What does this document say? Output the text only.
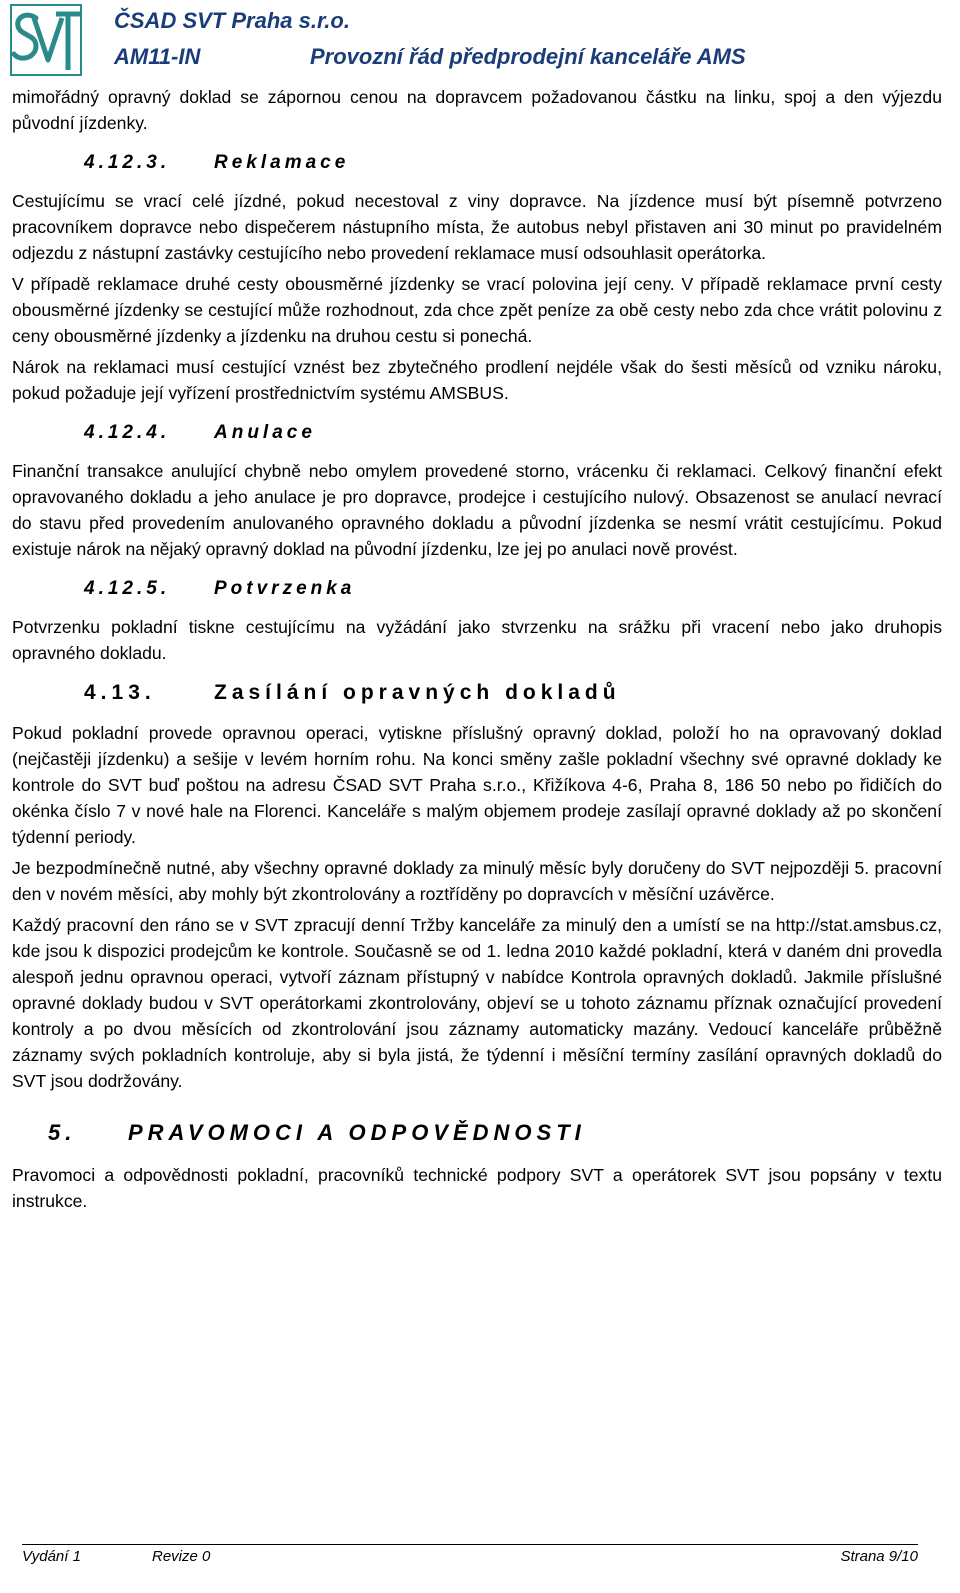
ČSAD SVT Praha s.r.o.
AM11-IN	Provozní řád předprodejní kanceláře AMS

mimořádný opravný doklad se zápornou cenou na dopravcem požadovanou částku na linku, spoj a den výjezdu původní jízdenky.

4.12.3. Reklamace

Cestujícímu se vrací celé jízdné, pokud necestoval z viny dopravce. Na jízdence musí být písemně potvrzeno pracovníkem dopravce nebo dispečerem nástupního místa, že autobus nebyl přistaven ani 30 minut po pravidelném odjezdu z nástupní zastávky cestujícího nebo provedení reklamace musí odsouhlasit operátorka.

V případě reklamace druhé cesty obousměrné jízdenky se vrací polovina její ceny. V případě reklamace první cesty obousměrné jízdenky se cestující může rozhodnout, zda chce zpět peníze za obě cesty nebo zda chce vrátit polovinu z ceny obousměrné jízdenky a jízdenku na druhou cestu si ponechá.

Nárok na reklamaci musí cestující vznést bez zbytečného prodlení nejdéle však do šesti měsíců od vzniku nároku, pokud požaduje její vyřízení prostřednictvím systému AMSBUS.

4.12.4. Anulace

Finanční transakce anulující chybně nebo omylem provedené storno, vrácenku či reklamaci. Celkový finanční efekt opravovaného dokladu a jeho anulace je pro dopravce, prodejce i cestujícího nulový. Obsazenost se anulací nevrací do stavu před provedením anulovaného opravného dokladu a původní jízdenka se nesmí vrátit cestujícímu. Pokud existuje nárok na nějaký opravný doklad na původní jízdenku, lze jej po anulaci nově provést.

4.12.5. Potvrzenka

Potvrzenku pokladní tiskne cestujícímu na vyžádání jako stvrzenku na srážku při vracení nebo jako druhopis opravného dokladu.

4.13.	Zasílání opravných dokladů

Pokud pokladní provede opravnou operaci, vytiskne příslušný opravný doklad, položí ho na opravovaný doklad (nejčastěji jízdenku) a sešije v levém horním rohu. Na konci směny zašle pokladní všechny své opravné doklady ke kontrole do SVT buď poštou na adresu ČSAD SVT Praha s.r.o., Křižíkova 4-6, Praha 8, 186 50 nebo po řidičích do okénka číslo 7 v nové hale na Florenci. Kanceláře s malým objemem prodeje zasílají opravné doklady až po skončení týdenní periody.

Je bezpodmínečně nutné, aby všechny opravné doklady za minulý měsíc byly doručeny do SVT nejpozději 5. pracovní den v novém měsíci, aby mohly být zkontrolovány a roztříděny po dopravcích v měsíční uzávěrce.

Každý pracovní den ráno se v SVT zpracují denní Tržby kanceláře za minulý den a umístí se na http://stat.amsbus.cz, kde jsou k dispozici prodejcům ke kontrole. Současně se od 1. ledna 2010 každé pokladní, která v daném dni provedla alespoň jednu opravnou operaci, vytvoří záznam přístupný v nabídce Kontrola opravných dokladů. Jakmile příslušné opravné doklady budou v SVT operátorkami zkontrolovány, objeví se u tohoto záznamu příznak označující provedení kontroly a po dvou měsících od zkontrolování jsou záznamy automaticky mazány. Vedoucí kanceláře průběžně záznamy svých pokladních kontroluje, aby si byla jistá, že týdenní i měsíční termíny zasílání opravných dokladů do SVT jsou dodržovány.

5. PRAVOMOCI A ODPOVĚDNOSTI

Pravomoci a odpovědnosti pokladní, pracovníků technické podpory SVT a operátorek SVT jsou popsány v textu instrukce.

Vydání 1	Revize 0	Strana 9/10
